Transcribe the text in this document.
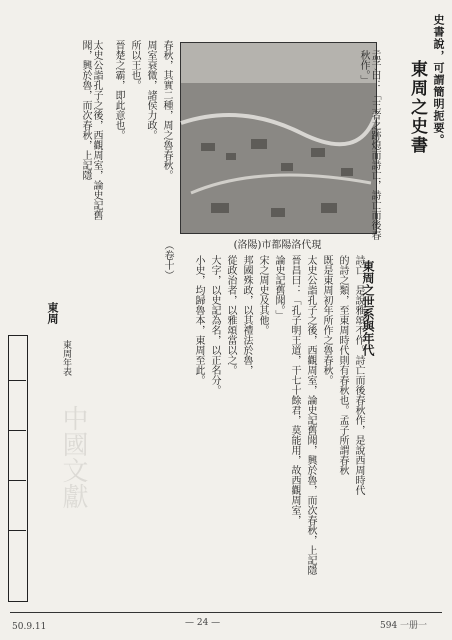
史書說，可謂簡明扼要。
東周之史書
(洛陽)市都陽洛代現
東周之世系與年代
孟子曰：「王者之跡熄而詩亡，詩亡而後春秋作。」
詩亡，是說雅頌不作。詩亡而後春秋作，是說西周時代
的詩之類，至東周時代則有春秋也。孟子所謂春秋
既是東周初年所作之魯春秋。
太史公詣孔子之後，西觀周室，論史記舊聞，興於魯，而次春秋，上記隱
晉昌曰：「孔子明王道，干七十餘君，莫能用，故西觀周室，
論史記舊聞。」
宋之周史及其他。
邦國殊政，以其禮法於魯，
從政治者，以雅頌當以之。
大字，以史記為名，以正名分。
小史，均歸魯本，東周至此。
春秋，其實二種，周之魯春秋。
周室衰微，諸侯力政。
所以王也。
晉楚之霸，即此意也。
太史公詣孔子之後，西觀周室，論史記舊聞，興於魯，而次春秋，上記隱
東周
東周年表
中國文獻
（卷十）
— 24 —	594 一册一
50.9.11
